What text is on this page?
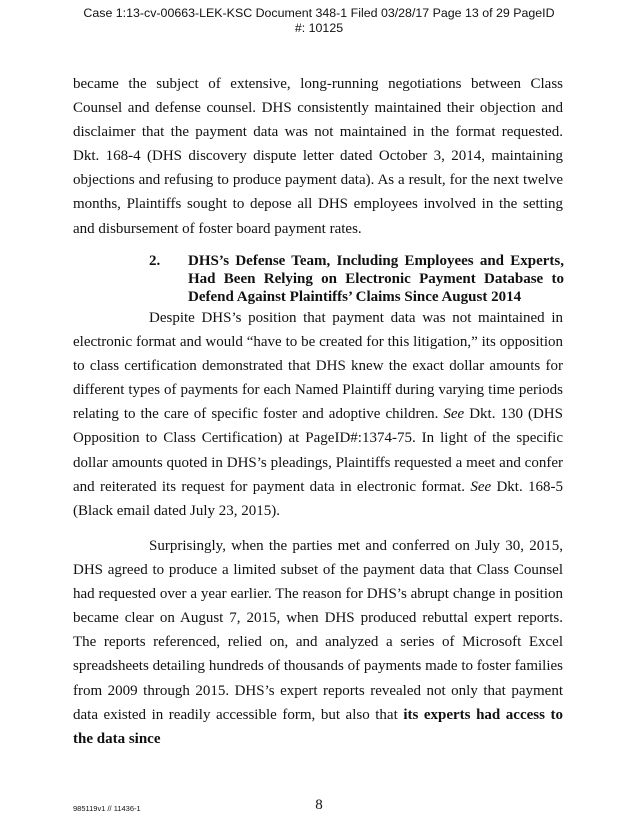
Case 1:13-cv-00663-LEK-KSC Document 348-1 Filed 03/28/17 Page 13 of 29 PageID
#: 10125

became the subject of extensive, long-running negotiations between Class Counsel and defense counsel. DHS consistently maintained their objection and disclaimer that the payment data was not maintained in the format requested. Dkt. 168-4 (DHS discovery dispute letter dated October 3, 2014, maintaining objections and refusing to produce payment data). As a result, for the next twelve months, Plaintiffs sought to depose all DHS employees involved in the setting and disbursement of foster board payment rates.

2. DHS’s Defense Team, Including Employees and Experts, Had Been Relying on Electronic Payment Database to Defend Against Plaintiffs’ Claims Since August 2014

Despite DHS’s position that payment data was not maintained in electronic format and would “have to be created for this litigation,” its opposition to class certification demonstrated that DHS knew the exact dollar amounts for different types of payments for each Named Plaintiff during varying time periods relating to the care of specific foster and adoptive children. See Dkt. 130 (DHS Opposition to Class Certification) at PageID#:1374-75. In light of the specific dollar amounts quoted in DHS’s pleadings, Plaintiffs requested a meet and confer and reiterated its request for payment data in electronic format. See Dkt. 168-5 (Black email dated July 23, 2015).

Surprisingly, when the parties met and conferred on July 30, 2015, DHS agreed to produce a limited subset of the payment data that Class Counsel had requested over a year earlier. The reason for DHS’s abrupt change in position became clear on August 7, 2015, when DHS produced rebuttal expert reports. The reports referenced, relied on, and analyzed a series of Microsoft Excel spreadsheets detailing hundreds of thousands of payments made to foster families from 2009 through 2015. DHS’s expert reports revealed not only that payment data existed in readily accessible form, but also that its experts had access to the data since

985119v1 // 11436-1	8
